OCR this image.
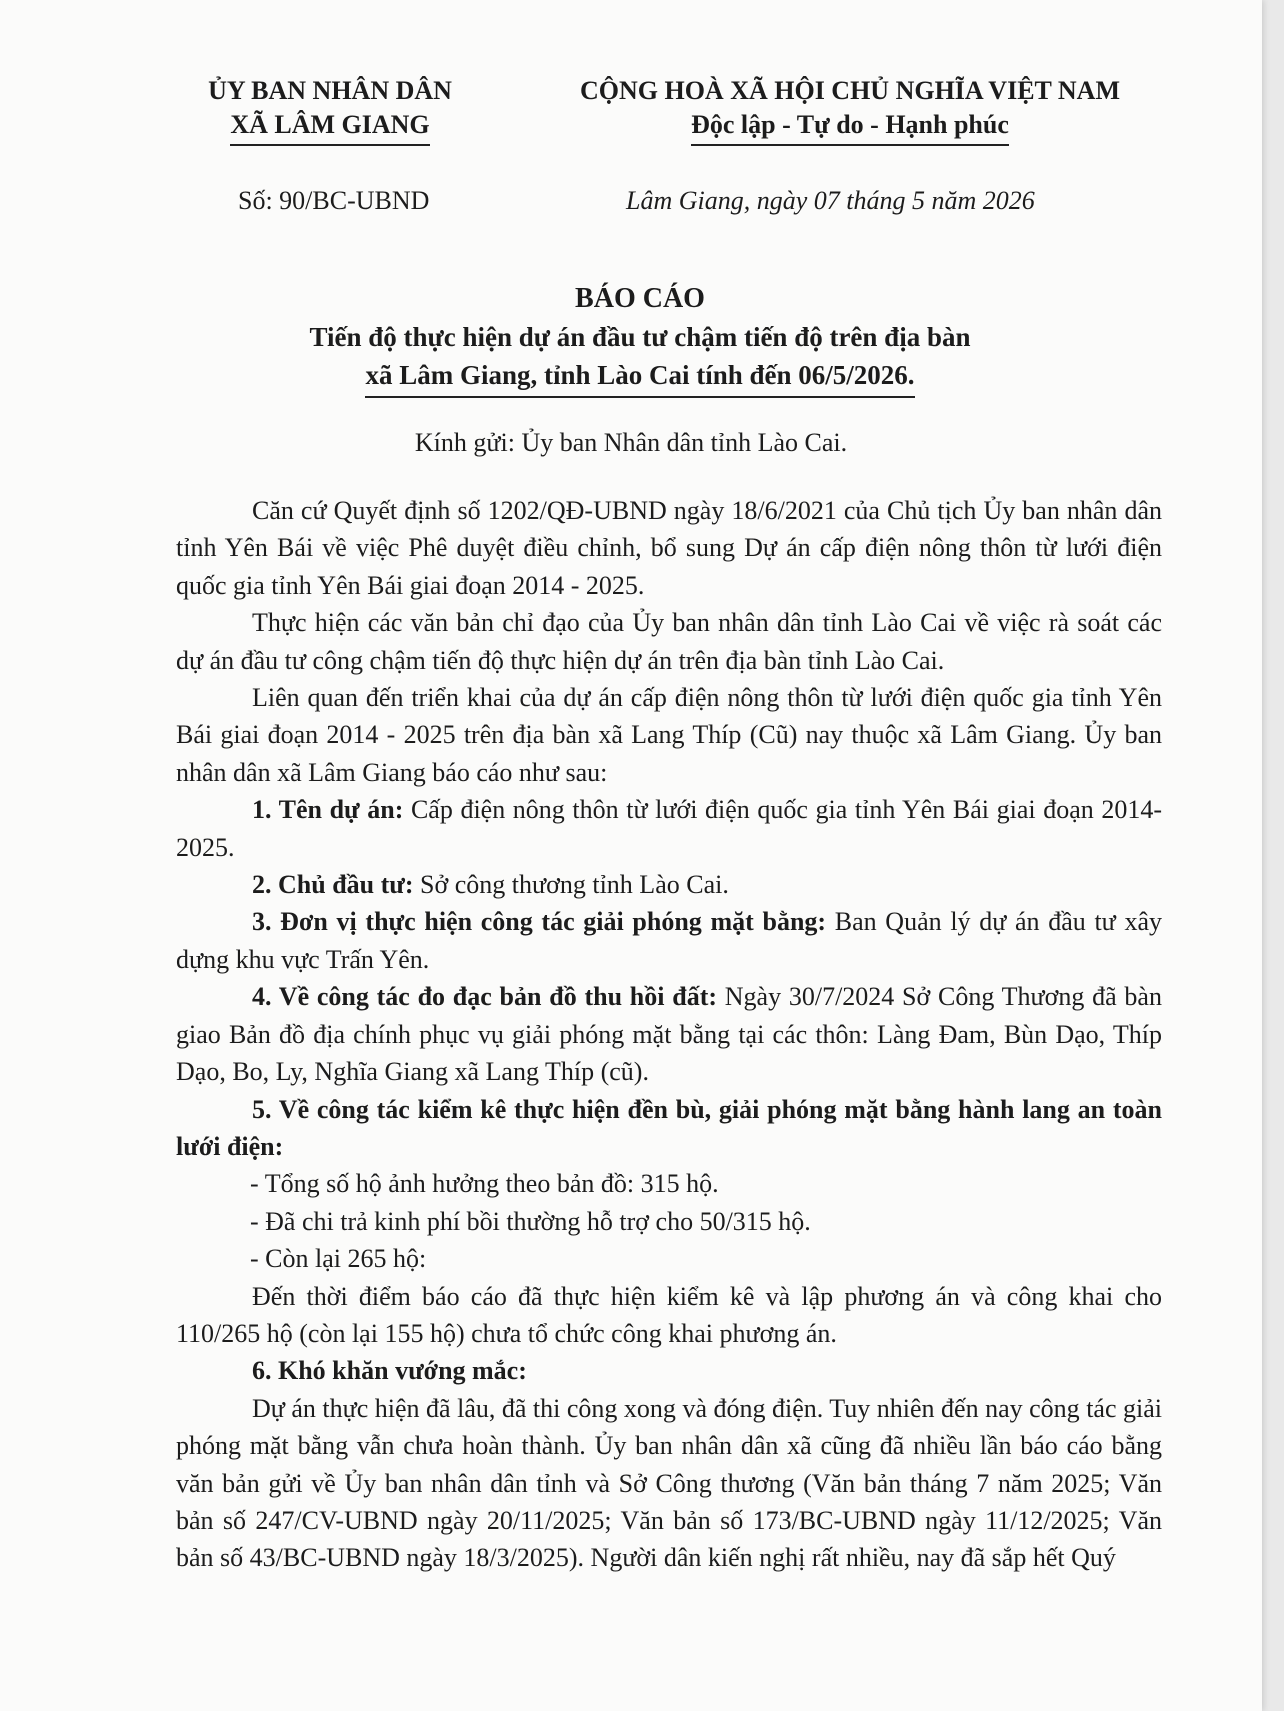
ỦY BAN NHÂN DÂN
XÃ LÂM GIANG
CỘNG HOÀ XÃ HỘI CHỦ NGHĨA VIỆT NAM
Độc lập - Tự do - Hạnh phúc
Số: 90/BC-UBND	Lâm Giang, ngày 07 tháng 5 năm 2026
BÁO CÁO
Tiến độ thực hiện dự án đầu tư chậm tiến độ trên địa bàn
xã Lâm Giang, tỉnh Lào Cai tính đến 06/5/2026.
Kính gửi: Ủy ban Nhân dân tỉnh Lào Cai.

Căn cứ Quyết định số 1202/QĐ-UBND ngày 18/6/2021 của Chủ tịch Ủy ban nhân dân tỉnh Yên Bái về việc Phê duyệt điều chỉnh, bổ sung Dự án cấp điện nông thôn từ lưới điện quốc gia tỉnh Yên Bái giai đoạn 2014 - 2025.

Thực hiện các văn bản chỉ đạo của Ủy ban nhân dân tỉnh Lào Cai về việc rà soát các dự án đầu tư công chậm tiến độ thực hiện dự án trên địa bàn tỉnh Lào Cai.

Liên quan đến triển khai của dự án cấp điện nông thôn từ lưới điện quốc gia tỉnh Yên Bái giai đoạn 2014 - 2025 trên địa bàn xã Lang Thíp (Cũ) nay thuộc xã Lâm Giang. Ủy ban nhân dân xã Lâm Giang báo cáo như sau:

1. Tên dự án: Cấp điện nông thôn từ lưới điện quốc gia tỉnh Yên Bái giai đoạn 2014-2025.

2. Chủ đầu tư: Sở công thương tỉnh Lào Cai.

3. Đơn vị thực hiện công tác giải phóng mặt bằng: Ban Quản lý dự án đầu tư xây dựng khu vực Trấn Yên.

4. Về công tác đo đạc bản đồ thu hồi đất: Ngày 30/7/2024 Sở Công Thương đã bàn giao Bản đồ địa chính phục vụ giải phóng mặt bằng tại các thôn: Làng Đam, Bùn Dạo, Thíp Dạo, Bo, Ly, Nghĩa Giang xã Lang Thíp (cũ).

5. Về công tác kiểm kê thực hiện đền bù, giải phóng mặt bằng hành lang an toàn lưới điện:

- Tổng số hộ ảnh hưởng theo bản đồ: 315 hộ.

- Đã chi trả kinh phí bồi thường hỗ trợ cho 50/315 hộ.

- Còn lại 265 hộ:

Đến thời điểm báo cáo đã thực hiện kiểm kê và lập phương án và công khai cho 110/265 hộ (còn lại 155 hộ) chưa tổ chức công khai phương án.

6. Khó khăn vướng mắc:

Dự án thực hiện đã lâu, đã thi công xong và đóng điện. Tuy nhiên đến nay công tác giải phóng mặt bằng vẫn chưa hoàn thành. Ủy ban nhân dân xã cũng đã nhiều lần báo cáo bằng văn bản gửi về Ủy ban nhân dân tỉnh và Sở Công thương (Văn bản tháng 7 năm 2025; Văn bản số 247/CV-UBND ngày 20/11/2025; Văn bản số 173/BC-UBND ngày 11/12/2025; Văn bản số 43/BC-UBND ngày 18/3/2025). Người dân kiến nghị rất nhiều, nay đã sắp hết Quý
